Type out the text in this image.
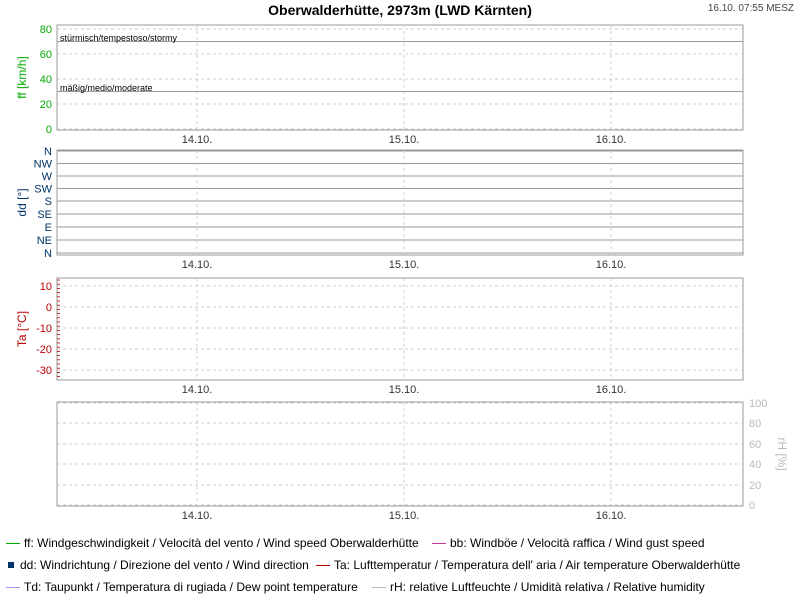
Oberwalderhütte, 2973m (LWD Kärnten)	16.10. 07:55 MESZ
0
20
40
60
80
ff [km/h]
14.10.	15.10.	16.10.
stürmisch/tempestoso/stormy
mäßig/medio/moderate
N
NW
W
SW
S
SE
E
NE
N
dd [°]
14.10.	15.10.	16.10.
10
0
-10
-20
-30
Ta [°C]
14.10.	15.10.	16.10.
100
80
60
40
20
0
rH [%]
14.10.	15.10.	16.10.
ff: Windgeschwindigkeit / Velocità del vento / Wind speed Oberwalderhütte	bb: Windböe / Velocità raffica / Wind gust speed
dd: Windrichtung / Direzione del vento / Wind direction Ta: Lufttemperatur / Temperatura dell' aria / Air temperature Oberwalderhütte
Td: Taupunkt / Temperatura di rugiada / Dew point temperature	rH: relative Luftfeuchte / Umidità relativa / Relative humidity
